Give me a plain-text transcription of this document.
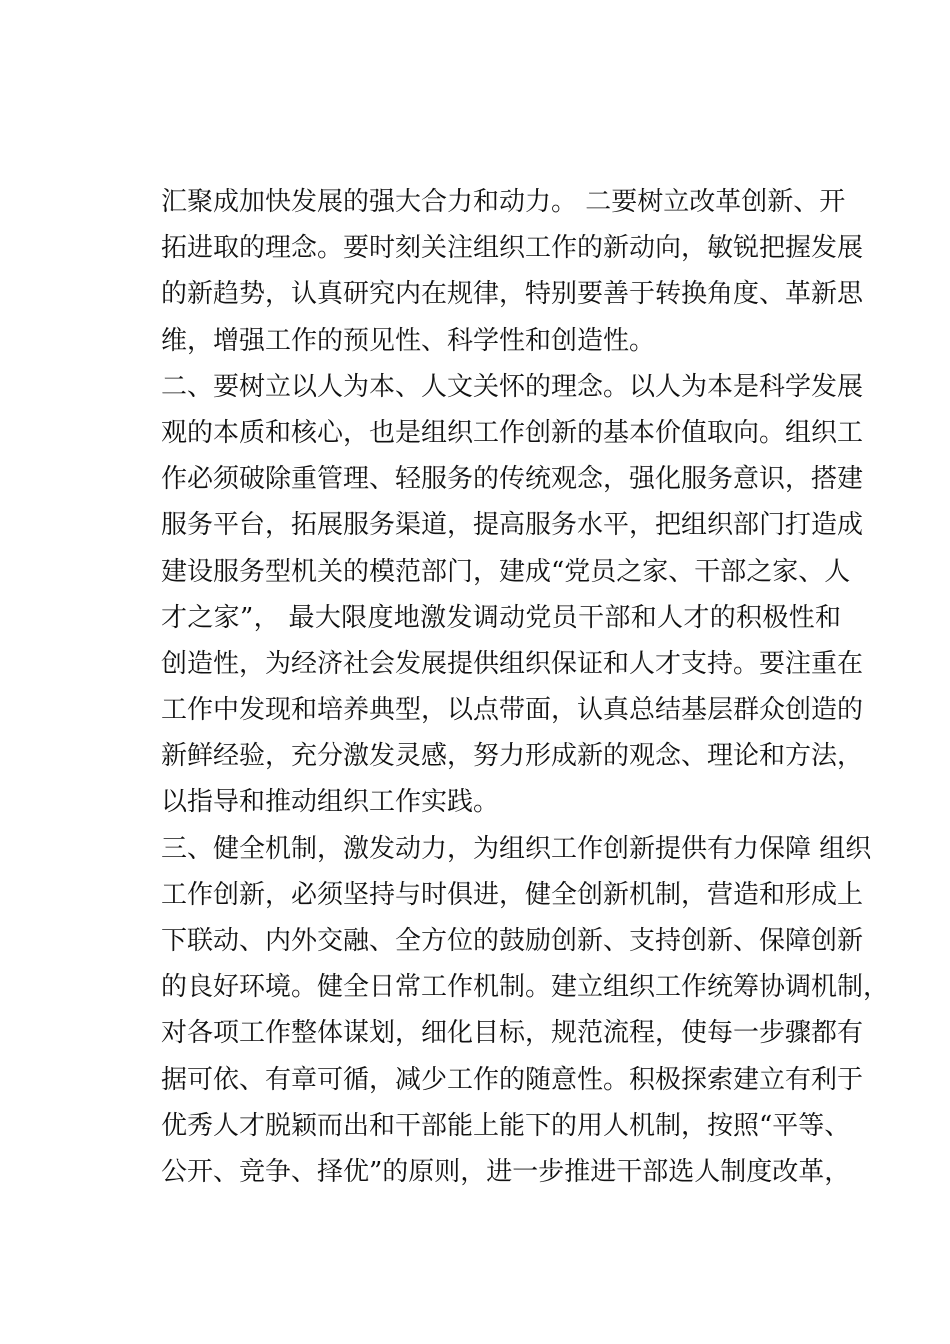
汇聚成加快发展的强大合力和动力。 二要树立改革创新、开
拓进取的理念。要时刻关注组织工作的新动向，敏锐把握发展
的新趋势，认真研究内在规律，特别要善于转换角度、革新思
维，增强工作的预见性、科学性和创造性。
二、要树立以人为本、人文关怀的理念。以人为本是科学发展
观的本质和核心，也是组织工作创新的基本价值取向。组织工
作必须破除重管理、轻服务的传统观念，强化服务意识，搭建
服务平台，拓展服务渠道，提高服务水平，把组织部门打造成
建设服务型机关的模范部门，建成“党员之家、干部之家、人
才之家”， 最大限度地激发调动党员干部和人才的积极性和
创造性，为经济社会发展提供组织保证和人才支持。要注重在
工作中发现和培养典型，以点带面，认真总结基层群众创造的
新鲜经验，充分激发灵感，努力形成新的观念、理论和方法，
以指导和推动组织工作实践。
三、健全机制，激发动力，为组织工作创新提供有力保障 组织
工作创新，必须坚持与时俱进，健全创新机制，营造和形成上
下联动、内外交融、全方位的鼓励创新、支持创新、保障创新
的良好环境。健全日常工作机制。建立组织工作统筹协调机制，
对各项工作整体谋划，细化目标，规范流程，使每一步骤都有
据可依、有章可循，减少工作的随意性。积极探索建立有利于
优秀人才脱颖而出和干部能上能下的用人机制，按照“平等、
公开、竞争、择优”的原则，进一步推进干部选人制度改革，
